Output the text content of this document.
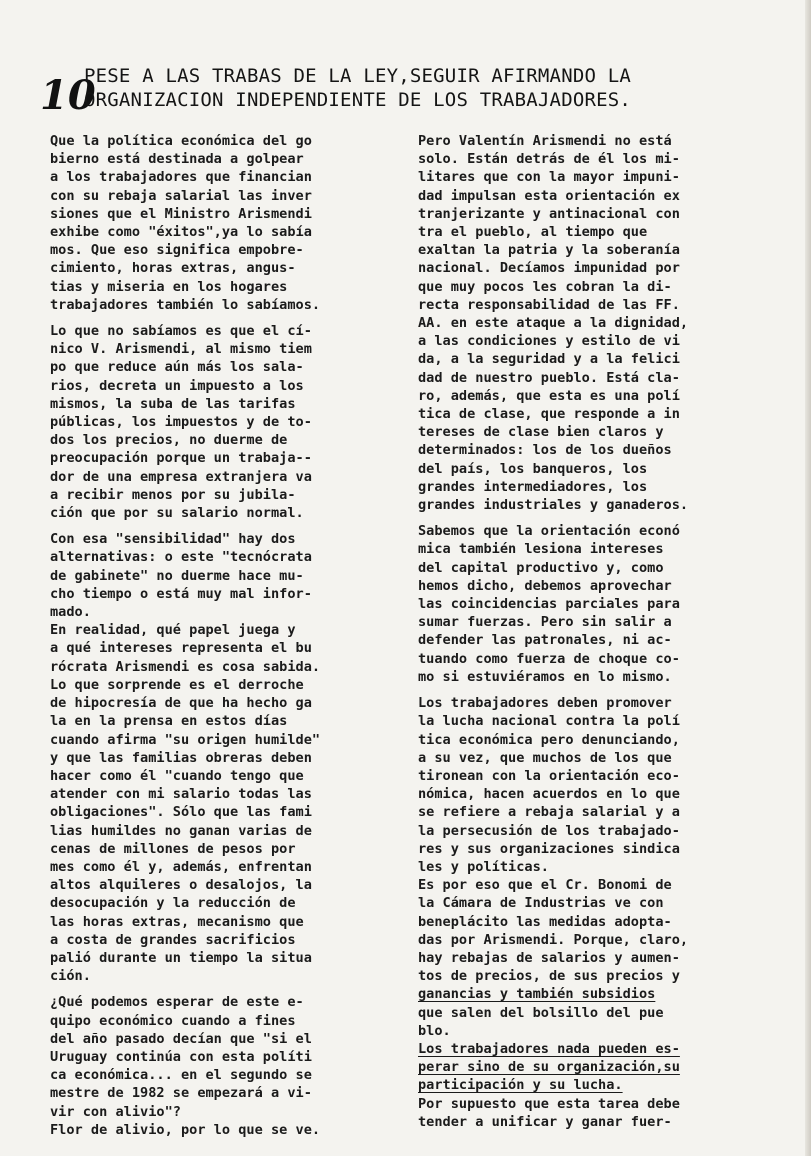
10
PESE A LAS TRABAS DE LA LEY,SEGUIR AFIRMANDO LA
ORGANIZACION INDEPENDIENTE DE LOS TRABAJADORES.
Que la política económica del go
bierno está destinada a golpear
a los trabajadores que financian
con su rebaja salarial las inver
siones que el Ministro Arismendi
exhibe como "éxitos",ya lo sabía
mos. Que eso significa empobre-
cimiento, horas extras, angus-
tias y miseria en los hogares
trabajadores también lo sabíamos.
Lo que no sabíamos es que el cí-
nico V. Arismendi, al mismo tiem
po que reduce aún más los sala-
rios, decreta un impuesto a los
mismos, la suba de las tarifas
públicas, los impuestos y de to-
dos los precios, no duerme de
preocupación porque un trabaja--
dor de una empresa extranjera va
a recibir menos por su jubila-
ción que por su salario normal.
Con esa "sensibilidad" hay dos
alternativas: o este "tecnócrata
de gabinete" no duerme hace mu-
cho tiempo o está muy mal infor-
mado.
En realidad, qué papel juega y
a qué intereses representa el bu
rócrata Arismendi es cosa sabida.
Lo que sorprende es el derroche
de hipocresía de que ha hecho ga
la en la prensa en estos días
cuando afirma "su origen humilde"
y que las familias obreras deben
hacer como él "cuando tengo que
atender con mi salario todas las
obligaciones". Sólo que las fami
lias humildes no ganan varias de
cenas de millones de pesos por
mes como él y, además, enfrentan
altos alquileres o desalojos, la
desocupación y la reducción de
las horas extras, mecanismo que
a costa de grandes sacrificios
palió durante un tiempo la situa
ción.
¿Qué podemos esperar de este e-
quipo económico cuando a fines
del año pasado decían que "si el
Uruguay continúa con esta políti
ca económica... en el segundo se
mestre de 1982 se empezará a vi-
vir con alivio"?
Flor de alivio, por lo que se ve.
Pero Valentín Arismendi no está
solo. Están detrás de él los mi-
litares que con la mayor impuni-
dad impulsan esta orientación ex
tranjerizante y antinacional con
tra el pueblo, al tiempo que
exaltan la patria y la soberanía
nacional. Decíamos impunidad por
que muy pocos les cobran la di-
recta responsabilidad de las FF.
AA. en este ataque a la dignidad,
a las condiciones y estilo de vi
da, a la seguridad y a la felici
dad de nuestro pueblo. Está cla-
ro, además, que esta es una polí
tica de clase, que responde a in
tereses de clase bien claros y
determinados: los de los dueños
del país, los banqueros, los
grandes intermediadores, los
grandes industriales y ganaderos.
Sabemos que la orientación econó
mica también lesiona intereses
del capital productivo y, como
hemos dicho, debemos aprovechar
las coincidencias parciales para
sumar fuerzas. Pero sin salir a
defender las patronales, ni ac-
tuando como fuerza de choque co-
mo si estuviéramos en lo mismo.
Los trabajadores deben promover
la lucha nacional contra la polí
tica económica pero denunciando,
a su vez, que muchos de los que
tironean con la orientación eco-
nómica, hacen acuerdos en lo que
se refiere a rebaja salarial y a
la persecusión de los trabajado-
res y sus organizaciones sindica
les y políticas.
Es por eso que el Cr. Bonomi de
la Cámara de Industrias ve con
beneplácito las medidas adopta-
das por Arismendi. Porque, claro,
hay rebajas de salarios y aumen-
tos de precios, de sus precios y
ganancias y también subsidios
que salen del bolsillo del pue
blo.
Los trabajadores nada pueden es-
perar sino de su organización,su
participación y su lucha.
Por supuesto que esta tarea debe
tender a unificar y ganar fuer-
